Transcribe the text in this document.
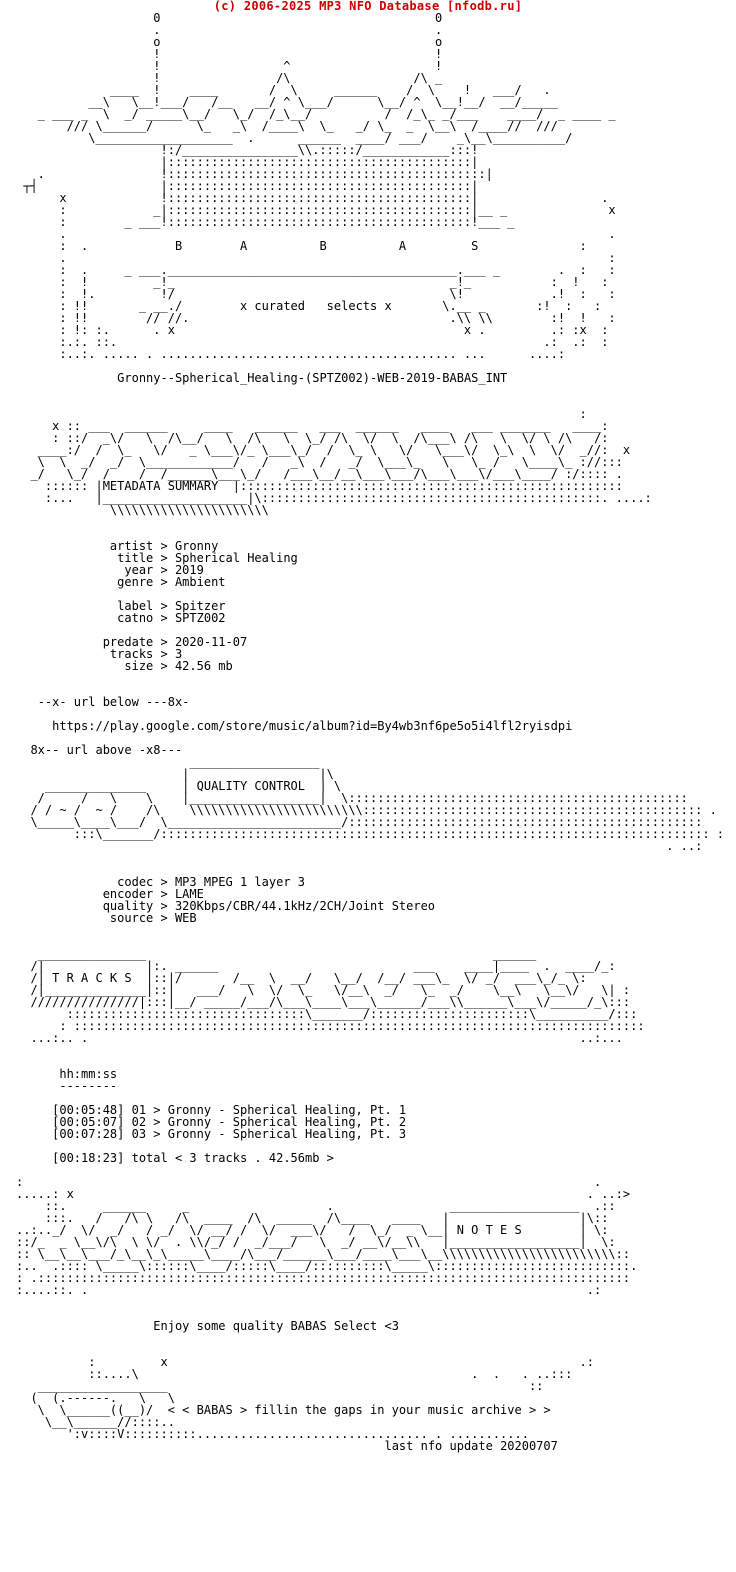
(c) 2006-2025 MP3 NFO Database [nfodb.ru]
0                                      0
.                                      .
o                                      o
!                                      !
!                 ^                    !
!                /\                 /\ _
____  !    ____       /  \     ______    /  \    !   ___/   .
__\   \__!___/   /__   __/ ^ \___/      \__/ ^  \__!__/  __/_____
_ ___ _  \  _/ _____\__/   \_/  /_\__/          /  /_\_ _/___    ____/  _ ____ _
/// \______/      \_   _\  /____\  \_   _/ \_  _  \__\  /____//  ///
\___________________  .      ______  ____/ ___/    _\__\__________/
!:/________________\\.:::::/____________:::!
|::::::::::::::::::::::::::::::::::::::::::|
.                !::::::::::::::::::::::::::::::::::::::::::::|
┬┤                 |::::::::::::::::::::::::::::::::::::::::::|
x             !::::::::::::::::::::::::::::::::::::::::::|                 .
:            _|::::::::::::::::::::::::::::::::::::::::::|__ _              x
:        _ ___!::::::::::::::::::::::::::::::::::::::::::!___ _
.                                                                           .
:  .	B        A          B          A         S	:
.                                                                           :
:  .     _ ___.________________________________________.___ _        .  :   :
:  !         _!_                                      _!_           :  !   :
:  !.         !/                                      \!            .!  :   :
: !!       _ __./	x curated   selects x	\.__ _       :!  :   :
: !!        // //.                                    .\\ \\        :!  !   :
: !: :.      . x                                        x .         .: :x  :
:.:. ::.                                                           .:  .:  :
:..:. ..... . ......................................... ...      ....:

Gronny--Spherical_Healing-(SPTZ002)-WEB-2019-BABAS_INT

:
x :: ___  ______     ____   ______   ___  ______   ____   ___ _______   ____:
: ::/  _\/   \  /\__/   \  /\   \  \_/ /\  \/  \  /\___\ /\   \  \/ \ /\   /:
____:/  /  \_   \/   _ \___\/_ \___\_/  /  \_ \   \/   \___\/  \_\  \  \/  _//:  x
\  \  _/  _/  \____________/   /   _\  /   _/  \___\_   \   \_ /   \____\_ ://:::
_/   \_/  /    /  /______\___\_/   /___\__/__\___\___/\___\___\/___\____/ :/:::: .
:::::: |METADATA SUMMARY  |:::::::::::::::::::::::::::::::::::::::::::::::::::::
:...   |____________________|\:::::::::::::::::::::::::::::::::::::::::::::::. ....:
\\\\\\\\\\\\\\\\\\\\\\

artist > Gronny
title > Spherical Healing
year > 2019
genre > Ambient

label > Spitzer
catno > SPTZ002

predate > 2020-11-07
tracks > 3
size > 42.56 mb

--x- url below ---8x-

https://play.google.com/store/music/album?id=By4wb3nf6pe5o5i4lfl2ryisdpi

8x-- url above -x8---
__________________
|                  |\
______________     | QUALITY CONTROL  | \
/     /   \    \    |__________________|  \:::::::::::::::::::::::::::::::::::::::::::::::
/ / ~ /  ~ /    /\    \\\\\\\\\\\\\\\\\\\\\\\\::::::::::::::::::::::::::::::::::::::::::::::: .
\_____\____\___/  \________________________/:::::::::::::::::::::::::::::::::::::::::::::::::
:::\_______/:::::::::::::::::::::::::::::::::::::::::::::::::::::::::::::::::::::::::::: :
. ..:

codec > MP3 MPEG 1 layer 3
encoder > LAME
quality > 320Kbps/CBR/44.1kHz/2CH/Joint Stereo
source > WEB

_______________                                                ______
/|              |:. ______                           ___    ____|____  .  ____/_:
/| T R A C K S  |::|/       /__  \  __/   \__/  /__/ ___\_  \/ _/  ___\_/_ \:
/|______________|::|   ___/   \  \/  \_   \/__\  _/   \_  _/    \__\   \__\/   \| :
///////////////|:::|__/ _____/___/\___\____\___\______/___\\______\___\/_____/_\:::
:::::::::::::::::::::::::::::::::\_______/::::::::::::::::::::::\__________/:::
: :::::::::::::::::::::::::::::::::::::::::::::::::::::::::::::::::::::::::::::::
...:.. .                                                                    ..:...

hh:mm:ss
--------

[00:05:48] 01 > Gronny - Spherical Healing, Pt. 1
[00:05:07] 02 > Gronny - Spherical Healing, Pt. 2
[00:07:28] 03 > Gronny - Spherical Healing, Pt. 3

[00:18:23] total < 3 tracks . 42.56mb >

:                                                                               .
.....: x                                                                       . ..:>
::.     ______     _                   .                __________________  .::
:::.   /   /\ \   /\  ____  /\  _____  /\____   ____   |                  |\::
..:.._/  \/  _/   / _/  \/ __/ /  \/  ___\/   /  \_/  _ \__| N O T E S	| \:
::/_  _ \__\/\  \ \/  . \\/_/ /  _/___/   \  _/ __\/__\\   |__________________|  \:
:: \__\__\___/_\__\_\_____\____/\___/______\___/____\___\__\\\\\\\\\\\\\\\\\\\\\\\\::
:..  .:::: \_____\::::::\____/:::::\____/::::::::::\_____\:::::::::::::::::::::::::::.
: .::::::::::::::::::::::::::::::::::::::::::::::::::::::::::::::::::::::::::::::::::
:....::. .                                                                     .:

Enjoy some quality BABAS Select <3

:         x                                                         .:
::....\                                              .  .   . ..:::
__________________                                                  ::
(  (.------.   \   \
\  \______((__)/  < < BABAS > fillin the gaps in your music archive > >
\__\______//::::..
':v::::V::::::::::................................ . ...........
last nfo update 20200707
